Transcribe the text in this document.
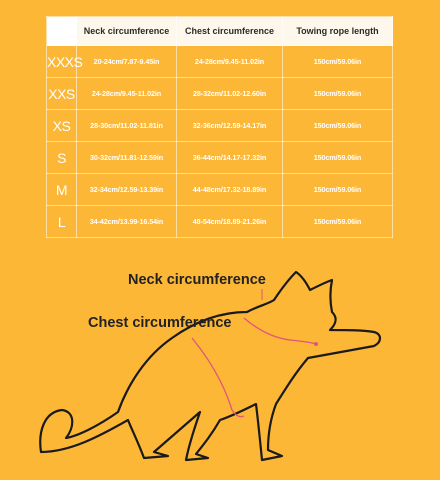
	Neck circumference	Chest circumference	Towing rope length
XXXS	20-24cm/7.87-9.45in	24-28cm/9.45-11.02in	150cm/59.06in
XXS	24-28cm/9.45-11.02in	28-32cm/11.02-12.60in	150cm/59.06in
XS	28-30cm/11.02-11.81in	32-36cm/12.59-14.17in	150cm/59.06in
S	30-32cm/11.81-12.59in	36-44cm/14.17-17.32in	150cm/59.06in
M	32-34cm/12.59-13.39in	44-48cm/17.32-18.89in	150cm/59.06in
L	34-42cm/13.99-16.54in	48-54cm/18.89-21.26in	150cm/59.06in
Neck circumference
Chest circumference
